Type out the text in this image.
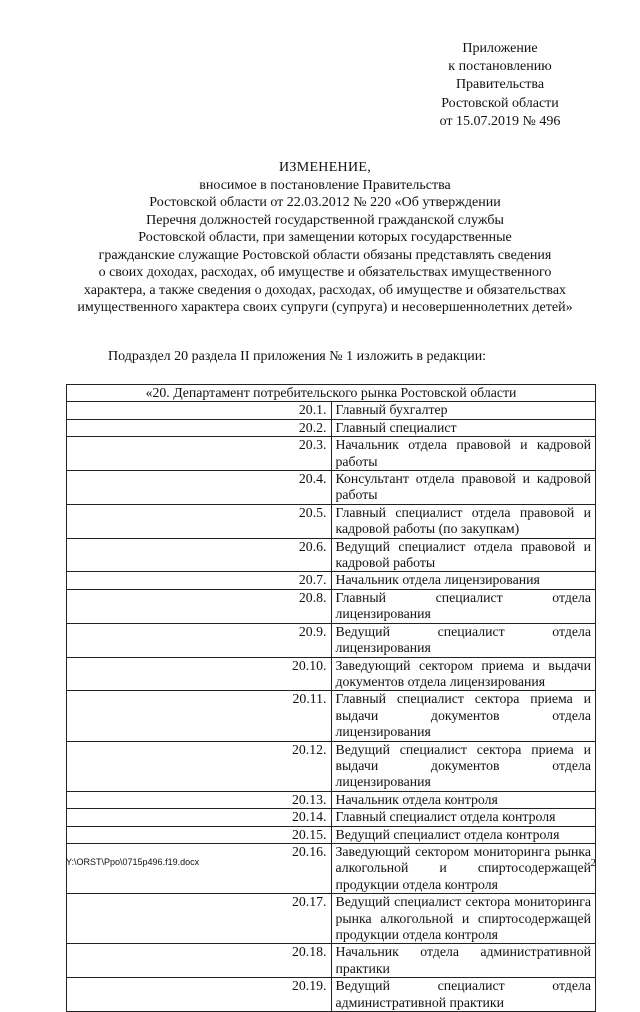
Приложение
к постановлению
Правительства
Ростовской области
от 15.07.2019 № 496
ИЗМЕНЕНИЕ,
вносимое в постановление Правительства
Ростовской области от 22.03.2012 № 220 «Об утверждении
Перечня должностей государственной гражданской службы
Ростовской области, при замещении которых государственные
гражданские служащие Ростовской области обязаны представлять сведения
о своих доходах, расходах, об имуществе и обязательствах имущественного
характера, а также сведения о доходах, расходах, об имуществе и обязательствах
имущественного характера своих супруги (супруга) и несовершеннолетних детей»
Подраздел 20 раздела II приложения № 1 изложить в редакции:
«20. Департамент потребительского рынка Ростовской области	
20.1.	Главный бухгалтер
20.2.	Главный специалист
20.3.	Начальник отдела правовой и кадровой работы
20.4.	Консультант отдела правовой и кадровой работы
20.5.	Главный специалист отдела правовой и кадровой работы (по закупкам)
20.6.	Ведущий специалист отдела правовой и кадровой работы
20.7.	Начальник отдела лицензирования
20.8.	Главный специалист отдела лицензирования
20.9.	Ведущий специалист отдела лицензирования
20.10.	Заведующий сектором приема и выдачи документов отдела лицензирования
20.11.	Главный специалист сектора приема и выдачи документов отдела лицензирования
20.12.	Ведущий специалист сектора приема и выдачи документов отдела лицензирования
20.13.	Начальник отдела контроля
20.14.	Главный специалист отдела контроля
20.15.	Ведущий специалист отдела контроля
20.16.	Заведующий сектором мониторинга рынка алкогольной и спиртосодержащей продукции отдела контроля
20.17.	Ведущий специалист сектора мониторинга рынка алкогольной и спиртосодержащей продукции отдела контроля
20.18.	Начальник отдела административной практики
20.19.	Ведущий специалист отдела административной практики
Y:\ORST\Ppo\0715p496.f19.docx	2
